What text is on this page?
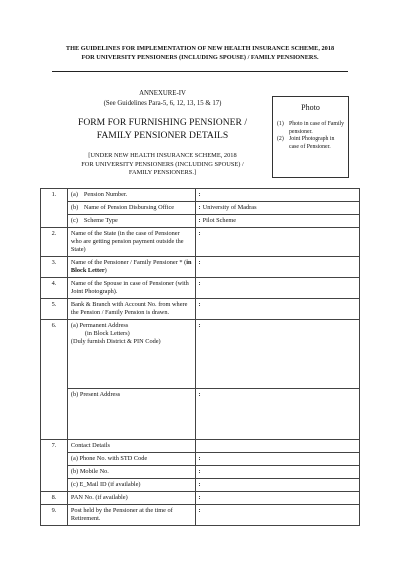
THE GUIDELINES FOR IMPLEMENTATION OF NEW HEALTH INSURANCE SCHEME, 2018
FOR UNIVERSITY PENSIONERS (INCLUDING SPOUSE) / FAMILY PENSIONERS.
ANNEXURE-IV
(See Guidelines Para-5, 6, 12, 13, 15 & 17)
FORM FOR FURNISHING PENSIONER /
FAMILY PENSIONER DETAILS
[UNDER NEW HEALTH INSURANCE SCHEME, 2018
FOR UNIVERSITY PENSIONERS (INCLUDING SPOUSE) /
FAMILY PENSIONERS.]
Photo
(1) Photo in case of Family pensioner.
(2) Joint Photograph in case of Pensioner.
1.	(a) Pension Number.	:

	(b) Name of Pension Disbursing Office	: University of Madras

	(c) Scheme Type	: Pilot Scheme
2.	Name of the State (in the case of Pensioner who are getting pension payment outside the State)	:
3.	Name of the Pensioner / Family Pensioner * (in Block Letter)	:
4.	Name of the Spouse in case of Pensioner (with Joint Photograph).	:
5.	Bank & Branch with Account No. from where the Pension / Family Pension is drawn.	:
6.	(a) Permanent Address
(in Block Letters)
(Duly furnish District & PIN Code)	:

	(b) Present Address	:
7.	Contact Details	
	(a) Phone No. with STD Code	:
	(b) Mobile No.	:
	(c) E_Mail ID (if available)	:
8.	PAN No. (if available)	:
9.	Post held by the Pensioner at the time of Retirement.	:
